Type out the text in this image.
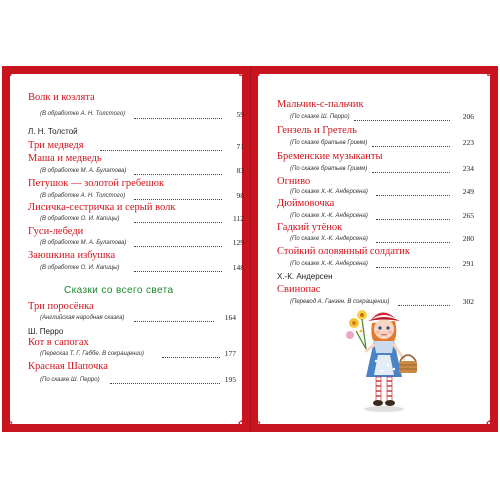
✿	✿ ✿	✿
✿	✿ ✿	✿
Волк и козлята
(В обработке А. Н. Толстого)	59
Л. Н. Толстой
Три медведя	71
Маша и медведь
(В обработке М. А. Булатова)	83
Петушок — золотой гребешок
(В обработке А. Н. Толстого)	98
Лисичка-сестричка и серый волк
(В обработке О. И. Капицы)	112
Гуси-лебеди
(В обработке М. А. Булатова)	129
Заюшкина избушка
(В обработке О. И. Капицы)	148
Сказки со всего света
Три поросёнка
(Английская народная сказка)	164
Ш. Перро
Кот в сапогах
(Пересказ Т. Г. Габбе. В сокращении)	177
Красная Шапочка
(По сказке Ш. Перро)	195
Мальчик-с-пальчик
(По сказке Ш. Перро)	206
Гензель и Гретель
(По сказке братьев Гримм)	223
Бременские музыканты
(По сказке братьев Гримм)	234
Огниво
(По сказке Х.-К. Андерсена)	249
Дюймовочка
(По сказке Х.-К. Андерсена)	265
Гадкий утёнок
(По сказке Х.-К. Андерсена)	280
Стойкий оловянный солдатик
(По сказке Х.-К. Андерсена)	291
Х.-К. Андерсен
Свинопас
(Перевод А. Ганзен. В сокращении)	302
